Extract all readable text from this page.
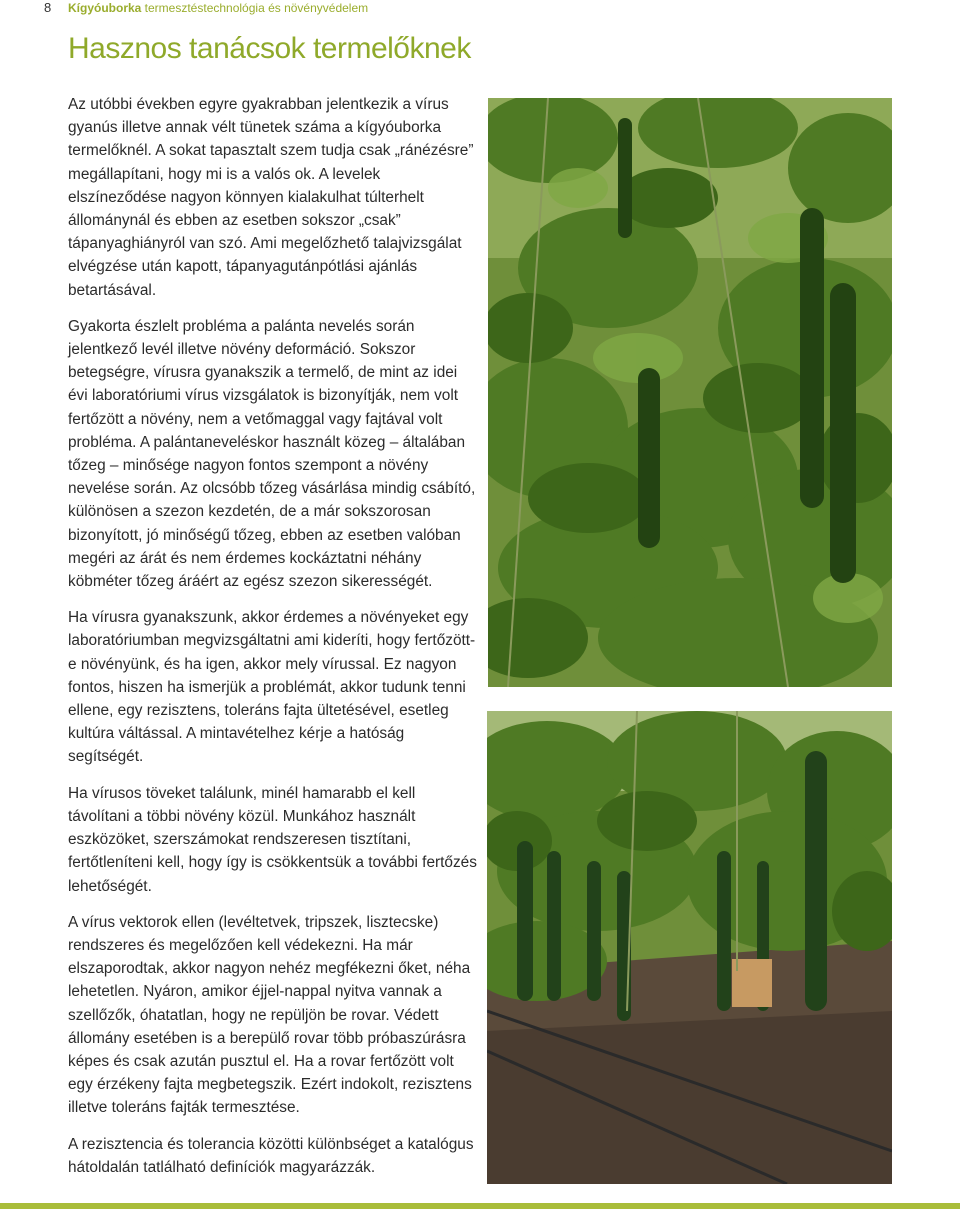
8 Kígyóuborka termesztéstechnológia és növényvédelem
Hasznos tanácsok termelőknek

Az utóbbi években egyre gyakrabban jelentkezik a vírus gyanús illetve annak vélt tünetek száma a kígyóuborka termelőknél. A sokat tapasztalt szem tudja csak „ránézésre” megállapítani, hogy mi is a valós ok. A levelek elszíneződése nagyon könnyen kialakulhat túlterhelt állománynál és ebben az esetben sokszor „csak” tápanyaghiányról van szó. Ami megelőzhető talajvizsgálat elvégzése után kapott, tápanyagutánpótlási ajánlás betartásával.

Gyakorta észlelt probléma a palánta nevelés során jelentkező levél illetve növény deformáció. Sokszor betegségre, vírusra gyanakszik a termelő, de mint az idei évi laboratóriumi vírus vizsgálatok is bizonyítják, nem volt fertőzött a növény, nem a vetőmaggal vagy fajtával volt probléma. A palántaneveléskor használt közeg – általában tőzeg – minősége nagyon fontos szempont a növény nevelése során. Az olcsóbb tőzeg vásárlása mindig csábító, különösen a szezon kezdetén, de a már sokszorosan bizonyított, jó minőségű tőzeg, ebben az esetben valóban megéri az árát és nem érdemes kockáztatni néhány köbméter tőzeg áráért az egész szezon sikerességét.

Ha vírusra gyanakszunk, akkor érdemes a növényeket egy laboratóriumban megvizsgáltatni ami kideríti, hogy fertőzött-e növényünk, és ha igen, akkor mely vírussal. Ez nagyon fontos, hiszen ha ismerjük a problémát, akkor tudunk tenni ellene, egy rezisztens, toleráns fajta ültetésével, esetleg kultúra váltással. A mintavételhez kérje a hatóság segítségét.

Ha vírusos töveket találunk, minél hamarabb el kell távolítani a többi növény közül. Munkához használt eszközöket, szerszámokat rendszeresen tisztítani, fertőtleníteni kell, hogy így is csökkentsük a további fertőzés lehetőségét.

A vírus vektorok ellen (levéltetvek, tripszek, lisztecske) rendszeres és megelőzően kell védekezni. Ha már elszaporodtak, akkor nagyon nehéz megfékezni őket, néha lehetetlen. Nyáron, amikor éjjel-nappal nyitva vannak a szellőzők, óhatatlan, hogy ne repüljön be rovar. Védett állomány esetében is a berepülő rovar több próbaszúrásra képes és csak azután pusztul el. Ha a rovar fertőzött volt egy érzékeny fajta megbetegszik. Ezért indokolt, rezisztens illetve toleráns fajták termesztése.

A rezisztencia és tolerancia közötti különbséget a katalógus hátoldalán tatlálható definíciók magyarázzák.
